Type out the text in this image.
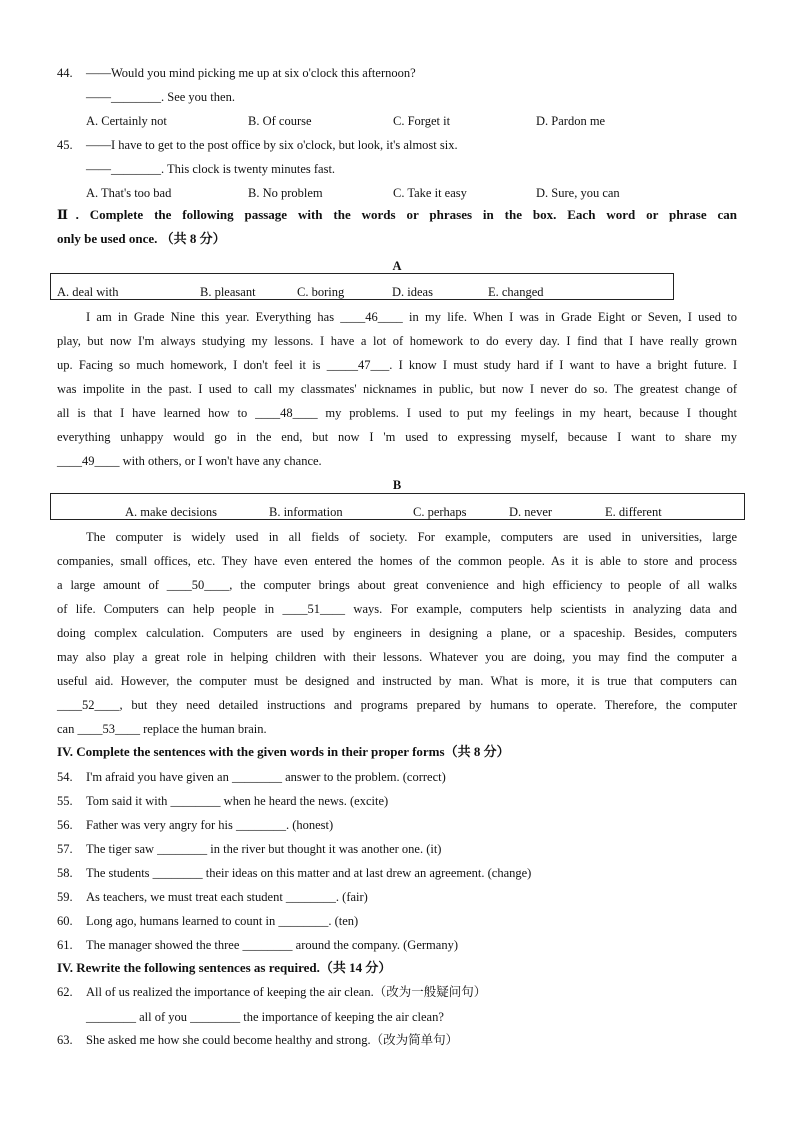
44. ——Would you mind picking me up at six o'clock this afternoon?
——________. See you then.
A. Certainly not	B. Of course	C. Forget it	D. Pardon me
45. ——I have to get to the post office by six o'clock, but look, it's almost six.
——________. This clock is twenty minutes fast.
A. That's too bad	B. No problem	C. Take it easy	D. Sure, you can
Ⅱ. Complete the following passage with the words or phrases in the box. Each word or phrase can
only be used once. （共 8 分）
A
A. deal with	B. pleasant	C. boring	D. ideas	E. changed
I am in Grade Nine this year. Everything has ____46____ in my life. When I was in Grade Eight or Seven, I used to
play, but now I'm always studying my lessons. I have a lot of homework to do every day. I find that I have really grown
up. Facing so much homework, I don't feel it is _____47___. I know I must study hard if I want to have a bright future. I
was impolite in the past. I used to call my classmates' nicknames in public, but now I never do so. The greatest change of
all is that I have learned how to ____48____ my problems. I used to put my feelings in my heart, because I thought
everything unhappy would go in the end, but now I 'm used to expressing myself, because I want to share my
____49____ with others, or I won't have any chance.
B
A. make decisions	B. information	C. perhaps	D. never	E. different
The computer is widely used in all fields of society. For example, computers are used in universities, large
companies, small offices, etc. They have even entered the homes of the common people. As it is able to store and process
a large amount of ____50____, the computer brings about great convenience and high efficiency to people of all walks
of life. Computers can help people in ____51____ ways. For example, computers help scientists in analyzing data and
doing complex calculation. Computers are used by engineers in designing a plane, or a spaceship. Besides, computers
may also play a great role in helping children with their lessons. Whatever you are doing, you may find the computer a
useful aid. However, the computer must be designed and instructed by man. What is more, it is true that computers can
____52____, but they need detailed instructions and programs prepared by humans to operate. Therefore, the computer
can ____53____ replace the human brain.
IV. Complete the sentences with the given words in their proper forms（共 8 分）
54. I'm afraid you have given an ________ answer to the problem. (correct)
55. Tom said it with ________ when he heard the news. (excite)
56. Father was very angry for his ________. (honest)
57. The tiger saw ________ in the river but thought it was another one. (it)
58. The students ________ their ideas on this matter and at last drew an agreement. (change)
59. As teachers, we must treat each student ________. (fair)
60. Long ago, humans learned to count in ________. (ten)
61. The manager showed the three ________ around the company. (Germany)
IV. Rewrite the following sentences as required.（共 14 分）
62. All of us realized the importance of keeping the air clean.（改为一般疑问句）
________ all of you ________ the importance of keeping the air clean?
63. She asked me how she could become healthy and strong.（改为简单句）
